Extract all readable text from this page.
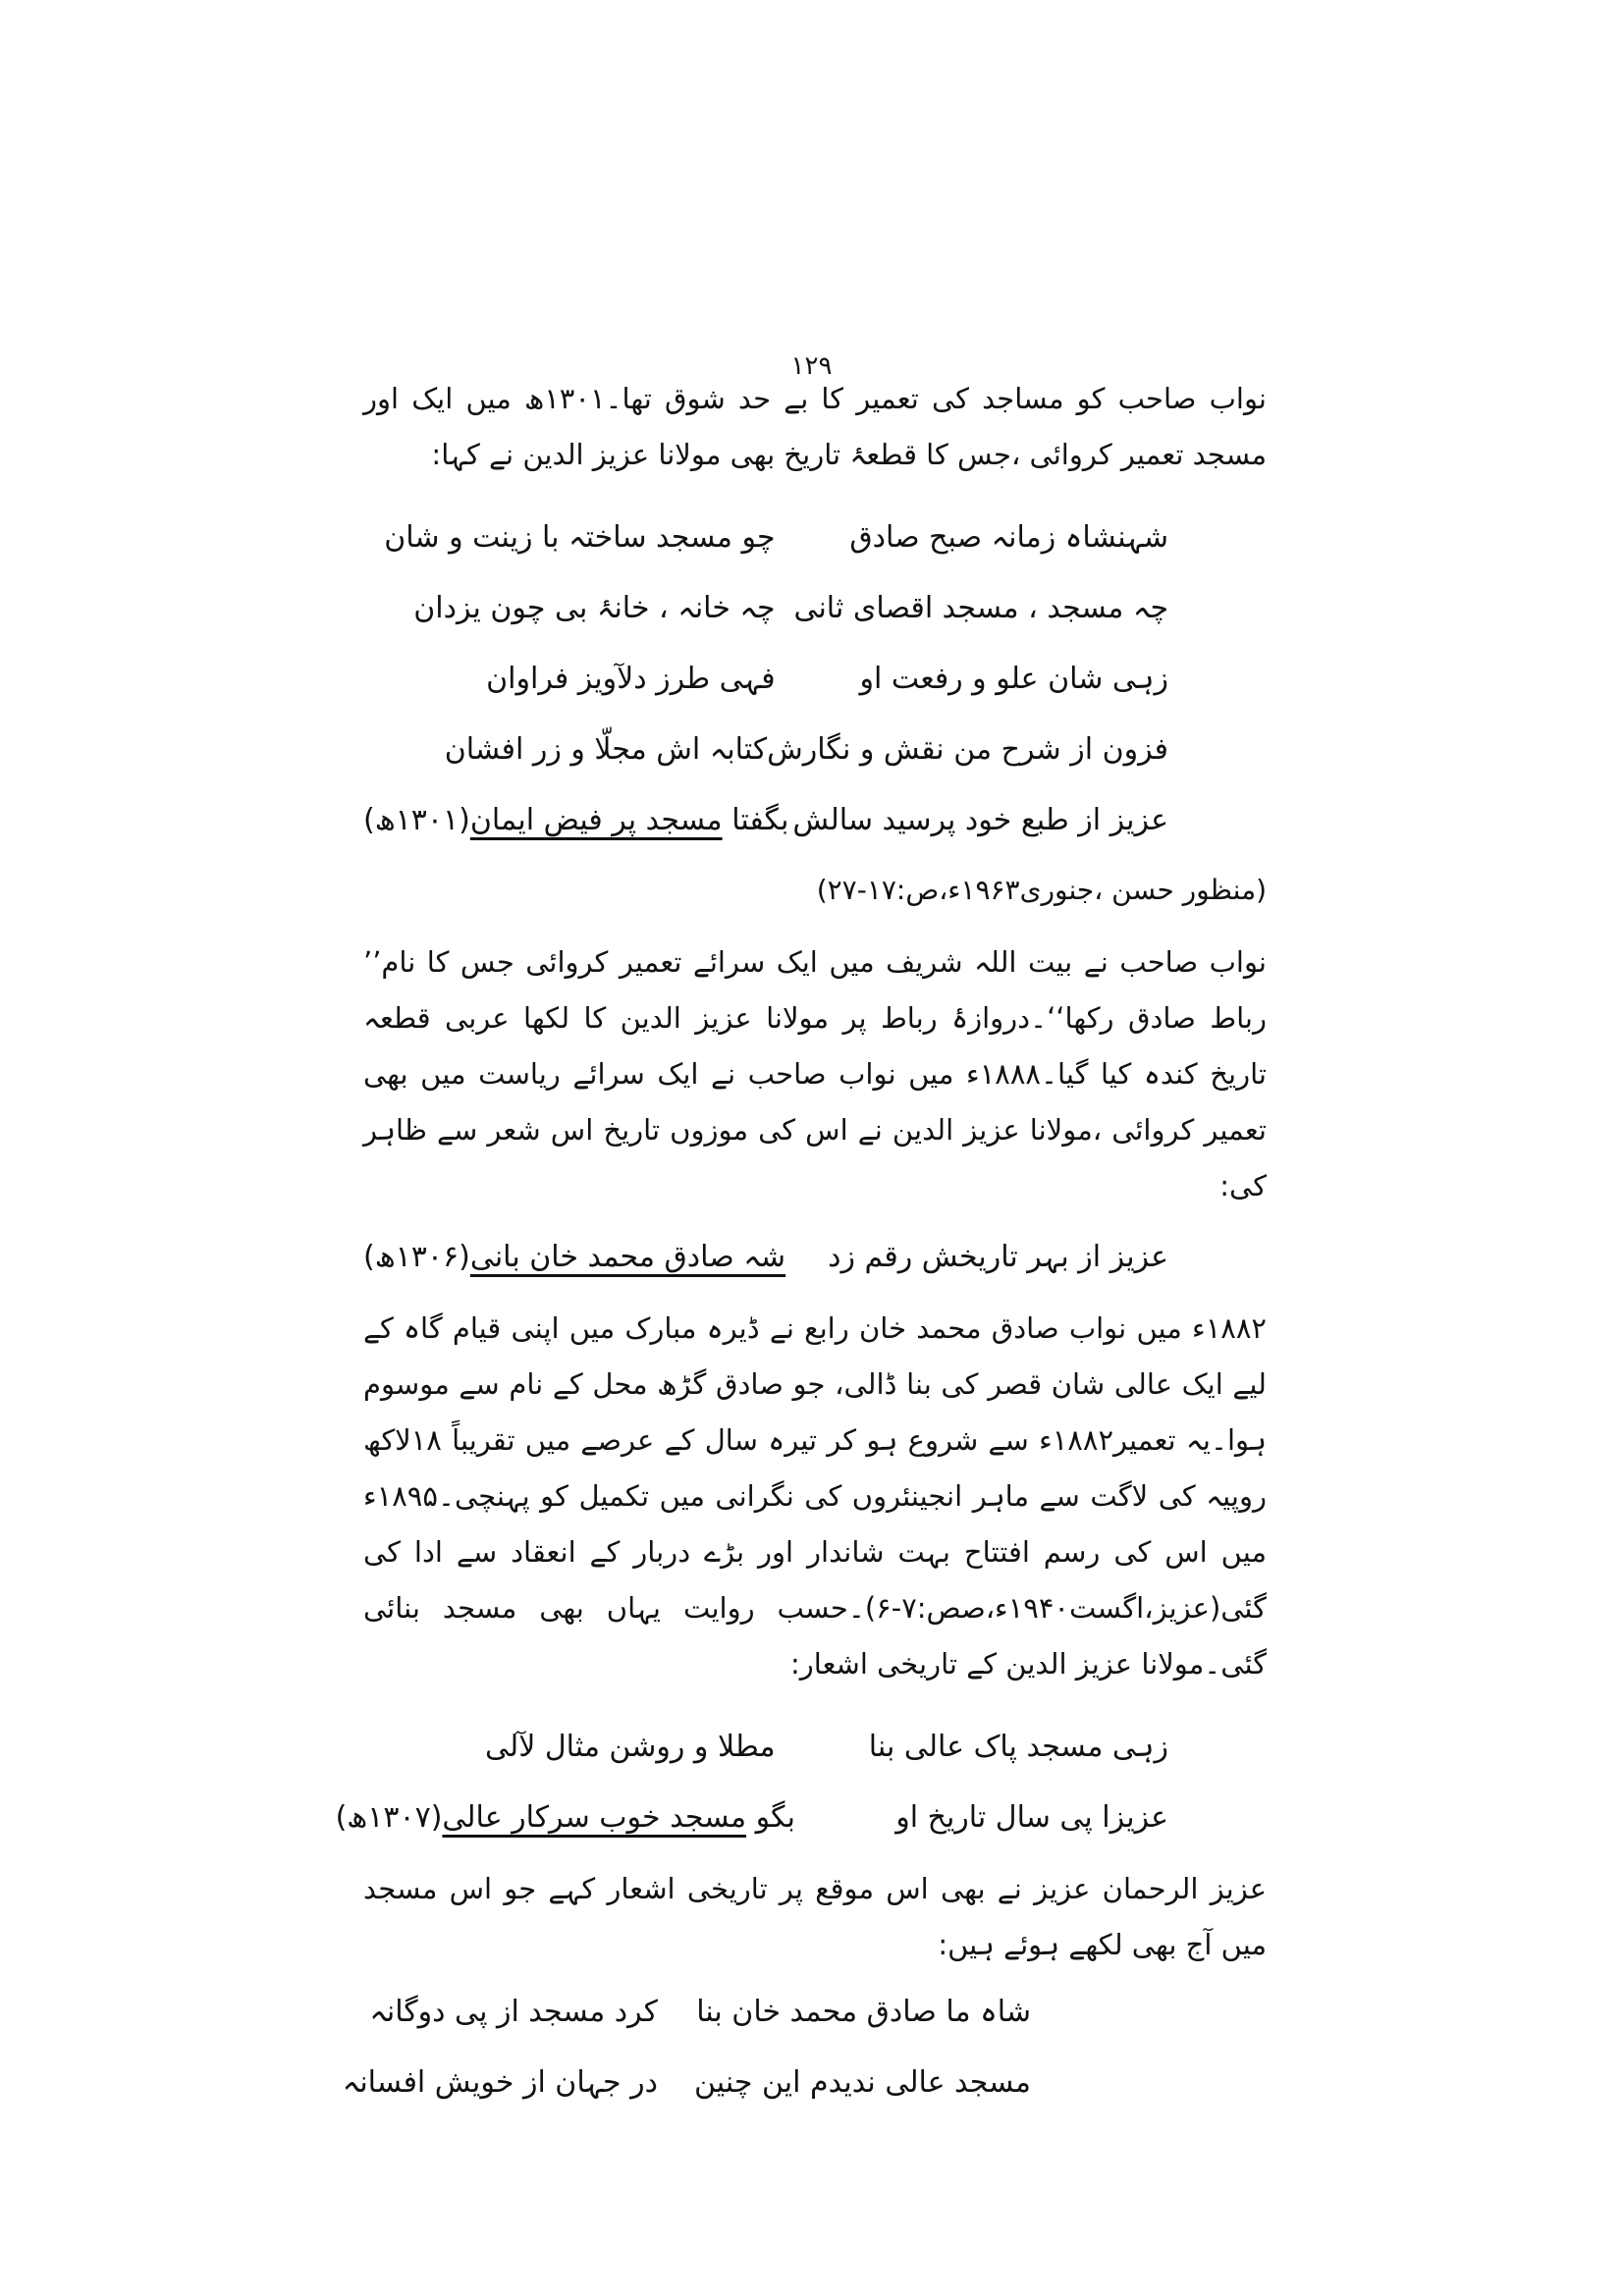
۱۲۹

نواب صاحب کو مساجد کی تعمیر کا بے حد شوق تھا۔۱۳۰۱ھ میں ایک اور مسجد تعمیر کروائی ،جس کا قطعۂ تاریخ بھی مولانا عزیز الدین نے کہا:

شہنشاہ زمانہ صبح صادق
چو مسجد ساختہ با زینت و شان
چہ مسجد ، مسجد اقصای ثانی
چہ خانہ ، خانۂ بی چون یزدان
زہی شان علو و رفعت او
فہی طرز دلآویز فراوان
فزون از شرح من نقش و نگارش
کتابہ اش مجلّا و زر افشان
عزیز از طبع خود پرسید سالش
بگفتا مسجد پر فیض ایمان(۱۳۰۱ھ)

(منظور حسن ،جنوری۱۹۶۳ء،ص:۱۷-۲۷)

نواب صاحب نے بیت اللہ شریف میں ایک سرائے تعمیر کروائی جس کا نام’’ رباط صادق رکھا‘‘۔دروازۂ رباط پر مولانا عزیز الدین کا لکھا عربی قطعہ تاریخ کندہ کیا گیا۔۱۸۸۸ء میں نواب صاحب نے ایک سرائے ریاست میں بھی تعمیر کروائی ،مولانا عزیز الدین نے اس کی موزوں تاریخ اس شعر سے ظاہر کی:

عزیز از بہر تاریخش رقم زد
شہ صادق محمد خان بانی(۱۳۰۶ھ)

۱۸۸۲ء میں نواب صادق محمد خان رابع نے ڈیرہ مبارک میں اپنی قیام گاہ کے لیے ایک عالی شان قصر کی بنا ڈالی، جو صادق گڑھ محل کے نام سے موسوم ہوا۔یہ تعمیر۱۸۸۲ء سے شروع ہو کر تیرہ سال کے عرصے میں تقریباً ۱۸لاکھ روپیہ کی لاگت سے ماہر انجینئروں کی نگرانی میں تکمیل کو پہنچی۔۱۸۹۵ء میں اس کی رسم افتتاح بہت شاندار اور بڑے دربار کے انعقاد سے ادا کی گئی(عزیز،اگست۱۹۴۰ء،صص:۷-۶)۔حسب روایت یہاں بھی مسجد بنائی گئی۔مولانا عزیز الدین کے تاریخی اشعار:

زہی مسجد پاک عالی بنا
مطلا و روشن مثال لآلی
عزیزا پی سال تاریخ او
بگو مسجد خوب سرکار عالی(۱۳۰۷ھ)

عزیز الرحمان عزیز نے بھی اس موقع پر تاریخی اشعار کہے جو اس مسجد میں آج بھی لکھے ہوئے ہیں:

شاہ ما صادق محمد خان بنا
کرد مسجد از پی دوگانہ
مسجد عالی ندیدم این چنین
در جہان از خویش افسانہ
